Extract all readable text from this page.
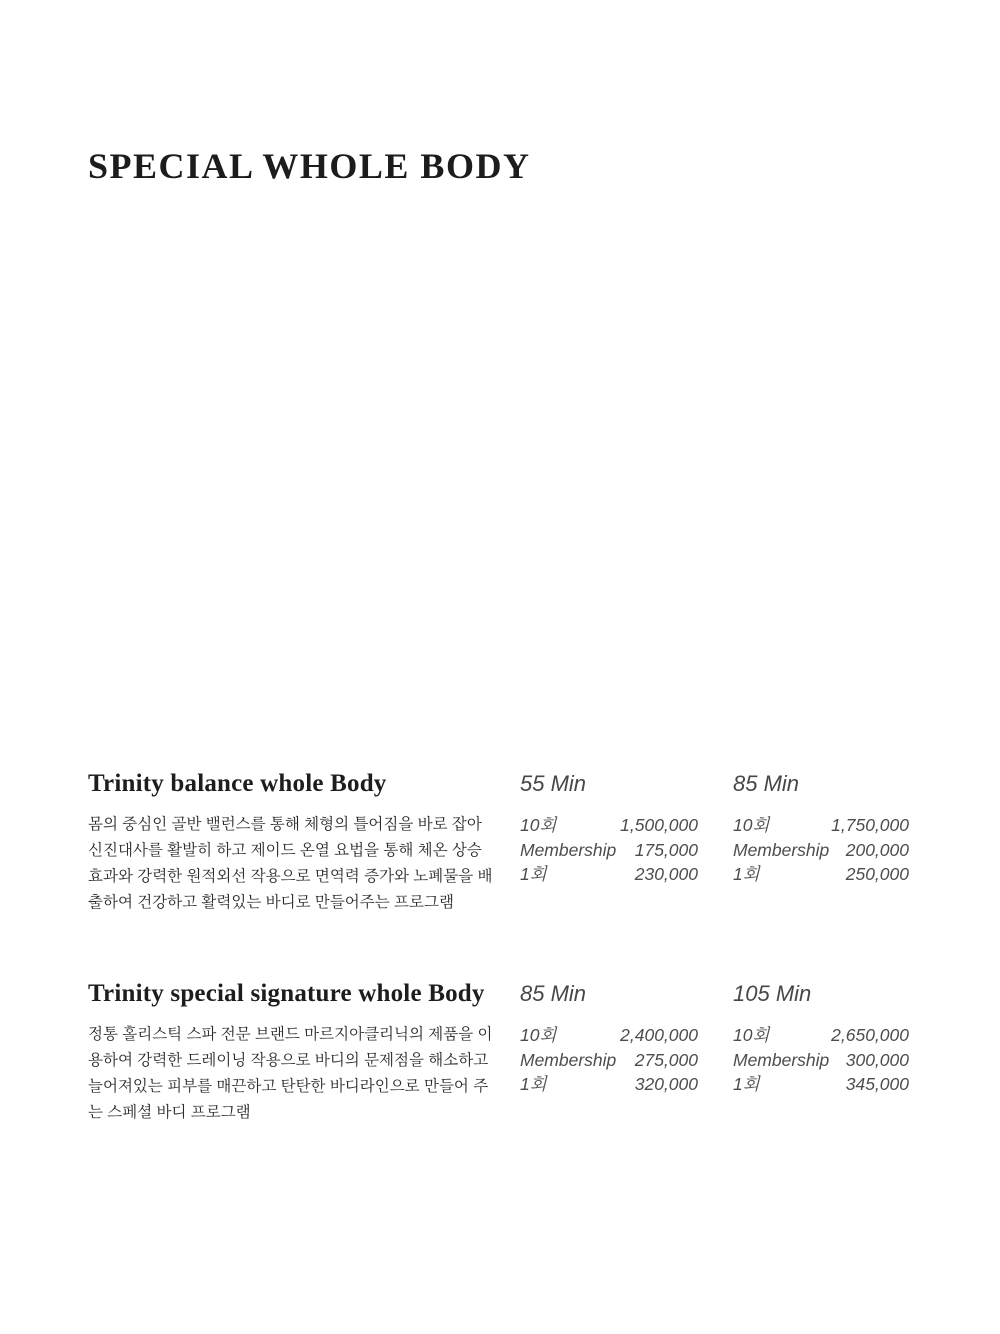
SPECIAL WHOLE BODY
Trinity balance whole Body

몸의 중심인 골반 밸런스를 통해 체형의 틀어짐을 바로 잡아 신진대사를 활발히 하고 제이드 온열 요법을 통해 체온 상승 효과와 강력한 원적외선 작용으로 면역력 증가와 노폐물을 배출하여 건강하고 활력있는 바디로 만들어주는 프로그램

55 Min
10회	1,500,000
Membership 175,000
1회	230,000
85 Min
10회	1,750,000
Membership 200,000
1회	250,000
Trinity special signature whole Body

정통 홀리스틱 스파 전문 브랜드 마르지아클리닉의 제품을 이용하여 강력한 드레이닝 작용으로 바디의 문제점을 해소하고 늘어져있는 피부를 매끈하고 탄탄한 바디라인으로 만들어 주는 스페셜 바디 프로그램

85 Min
10회	2,400,000
Membership 275,000
1회	320,000
105 Min
10회	2,650,000
Membership 300,000
1회	345,000
